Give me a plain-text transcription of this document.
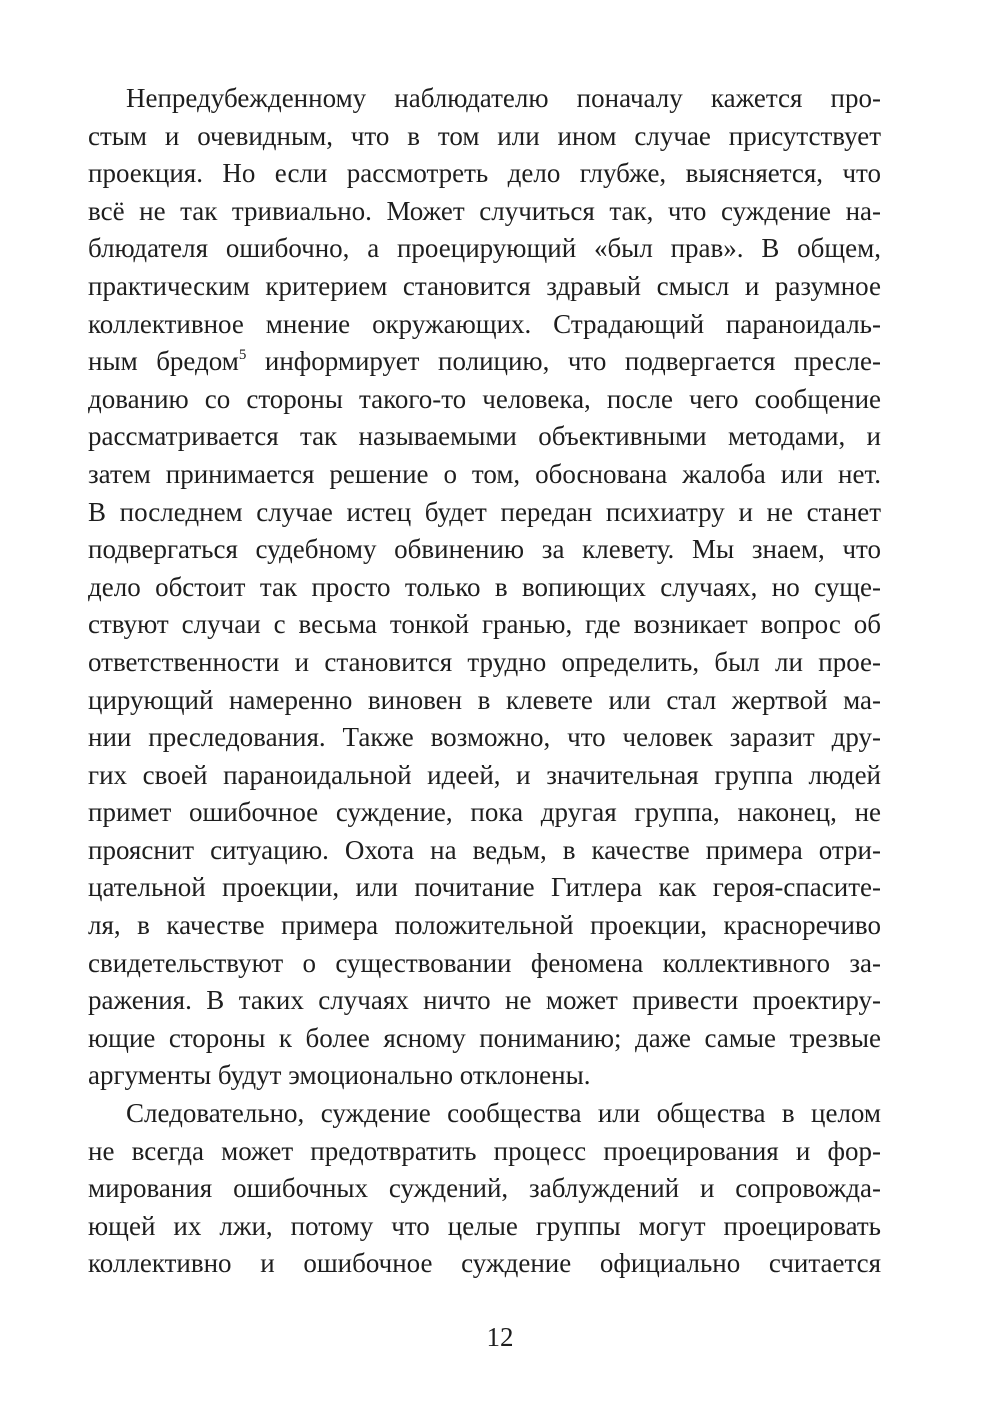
Непредубежденному наблюдателю поначалу кажется про-
стым и очевидным, что в том или ином случае присутствует
проекция. Но если рассмотреть дело глубже, выясняется, что
всё не так тривиально. Может случиться так, что суждение на-
блюдателя ошибочно, а проецирующий «был прав». В общем,
практическим критерием становится здравый смысл и разумное
коллективное мнение окружающих. Страдающий параноидаль-
ным бредом$^5$ информирует полицию, что подвергается пресле-
дованию со стороны такого-то человека, после чего сообщение
рассматривается так называемыми объективными методами, и
затем принимается решение о том, обоснована жалоба или нет.
В последнем случае истец будет передан психиатру и не станет
подвергаться судебному обвинению за клевету. Мы знаем, что
дело обстоит так просто только в вопиющих случаях, но суще-
ствуют случаи с весьма тонкой гранью, где возникает вопрос об
ответственности и становится трудно определить, был ли прое-
цирующий намеренно виновен в клевете или стал жертвой ма-
нии преследования. Также возможно, что человек заразит дру-
гих своей параноидальной идеей, и значительная группа людей
примет ошибочное суждение, пока другая группа, наконец, не
прояснит ситуацию. Охота на ведьм, в качестве примера отри-
цательной проекции, или почитание Гитлера как героя-спасите-
ля, в качестве примера положительной проекции, красноречиво
свидетельствуют о существовании феномена коллективного за-
ражения. В таких случаях ничто не может привести проектиру-
ющие стороны к более ясному пониманию; даже самые трезвые
аргументы будут эмоционально отклонены.
Следовательно, суждение сообщества или общества в целом
не всегда может предотвратить процесс проецирования и фор-
мирования ошибочных суждений, заблуждений и сопровожда-
ющей их лжи, потому что целые группы могут проецировать
коллективно и ошибочное суждение официально считается
12
